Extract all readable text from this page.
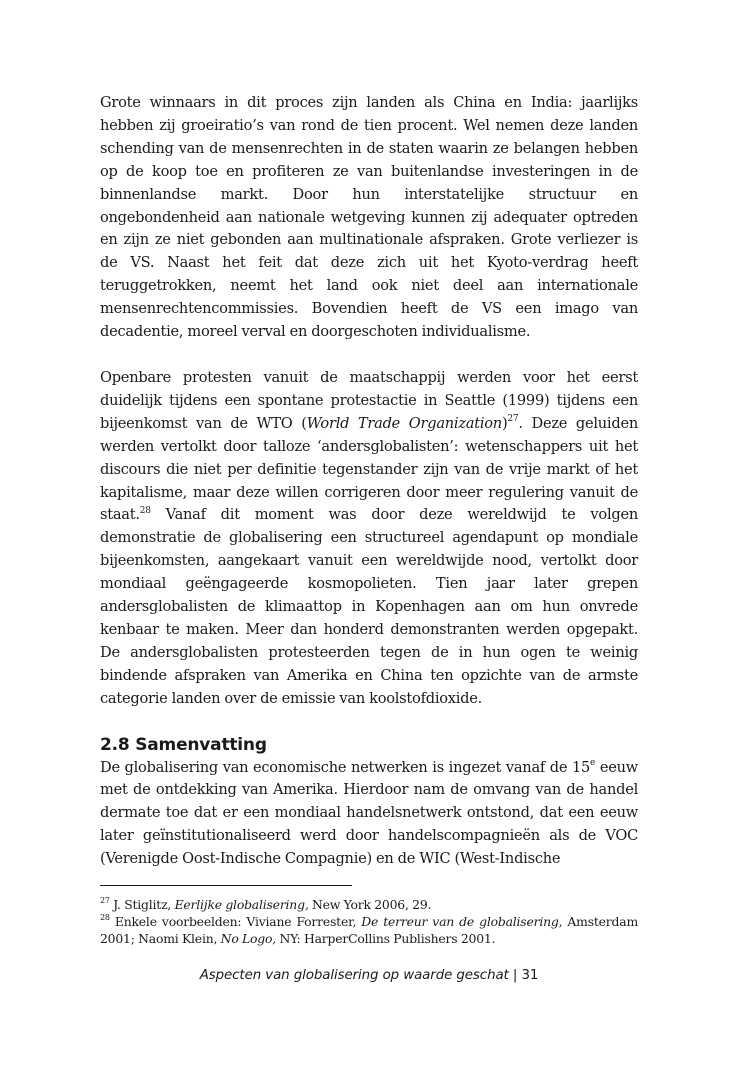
Grote winnaars in dit proces zijn landen als China en India: jaarlijks hebben zij groeiratio’s van rond de tien procent. Wel nemen deze landen schending van de mensenrechten in de staten waarin ze belangen hebben op de koop toe en profiteren ze van buitenlandse investeringen in de binnenlandse markt. Door hun interstatelijke structuur en ongebondenheid aan nationale wetgeving kunnen zij adequater optreden en zijn ze niet gebonden aan multinationale afspraken. Grote verliezer is de VS. Naast het feit dat deze zich uit het Kyoto-verdrag heeft teruggetrokken, neemt het land ook niet deel aan internationale mensenrechtencommissies. Bovendien heeft de VS een imago van decadentie, moreel verval en doorgeschoten individualisme.

Openbare protesten vanuit de maatschappij werden voor het eerst duidelijk tijdens een spontane protestactie in Seattle (1999) tijdens een bijeenkomst van de WTO (World Trade Organization)$^{27}$. Deze geluiden werden vertolkt door talloze ‘andersglobalisten’: wetenschappers uit het discours die niet per definitie tegenstander zijn van de vrije markt of het kapitalisme, maar deze willen corrigeren door meer regulering vanuit de staat.$^{28}$ Vanaf dit moment was door deze wereldwijd te volgen demonstratie de globalisering een structureel agendapunt op mondiale bijeenkomsten, aangekaart vanuit een wereldwijde nood, vertolkt door mondiaal geëngageerde kosmopolieten. Tien jaar later grepen andersglobalisten de klimaattop in Kopenhagen aan om hun onvrede kenbaar te maken. Meer dan honderd demonstranten werden opgepakt. De andersglobalisten protesteerden tegen de in hun ogen te weinig bindende afspraken van Amerika en China ten opzichte van de armste categorie landen over de emissie van koolstofdioxide.

2.8 Samenvatting

De globalisering van economische netwerken is ingezet vanaf de 15e eeuw met de ontdekking van Amerika. Hierdoor nam de omvang van de handel dermate toe dat er een mondiaal handelsnetwerk ontstond, dat een eeuw later geïnstitutionaliseerd werd door handelscompagnieën als de VOC (Verenigde Oost-Indische Compagnie) en de WIC (West-Indische

$^{27}$ J. Stiglitz, Eerlijke globalisering, New York 2006, 29.

$^{28}$ Enkele voorbeelden: Viviane Forrester, De terreur van de globalisering, Amsterdam 2001; Naomi Klein, No Logo, NY: HarperCollins Publishers 2001.

Aspecten van globalisering op waarde geschat | 31
